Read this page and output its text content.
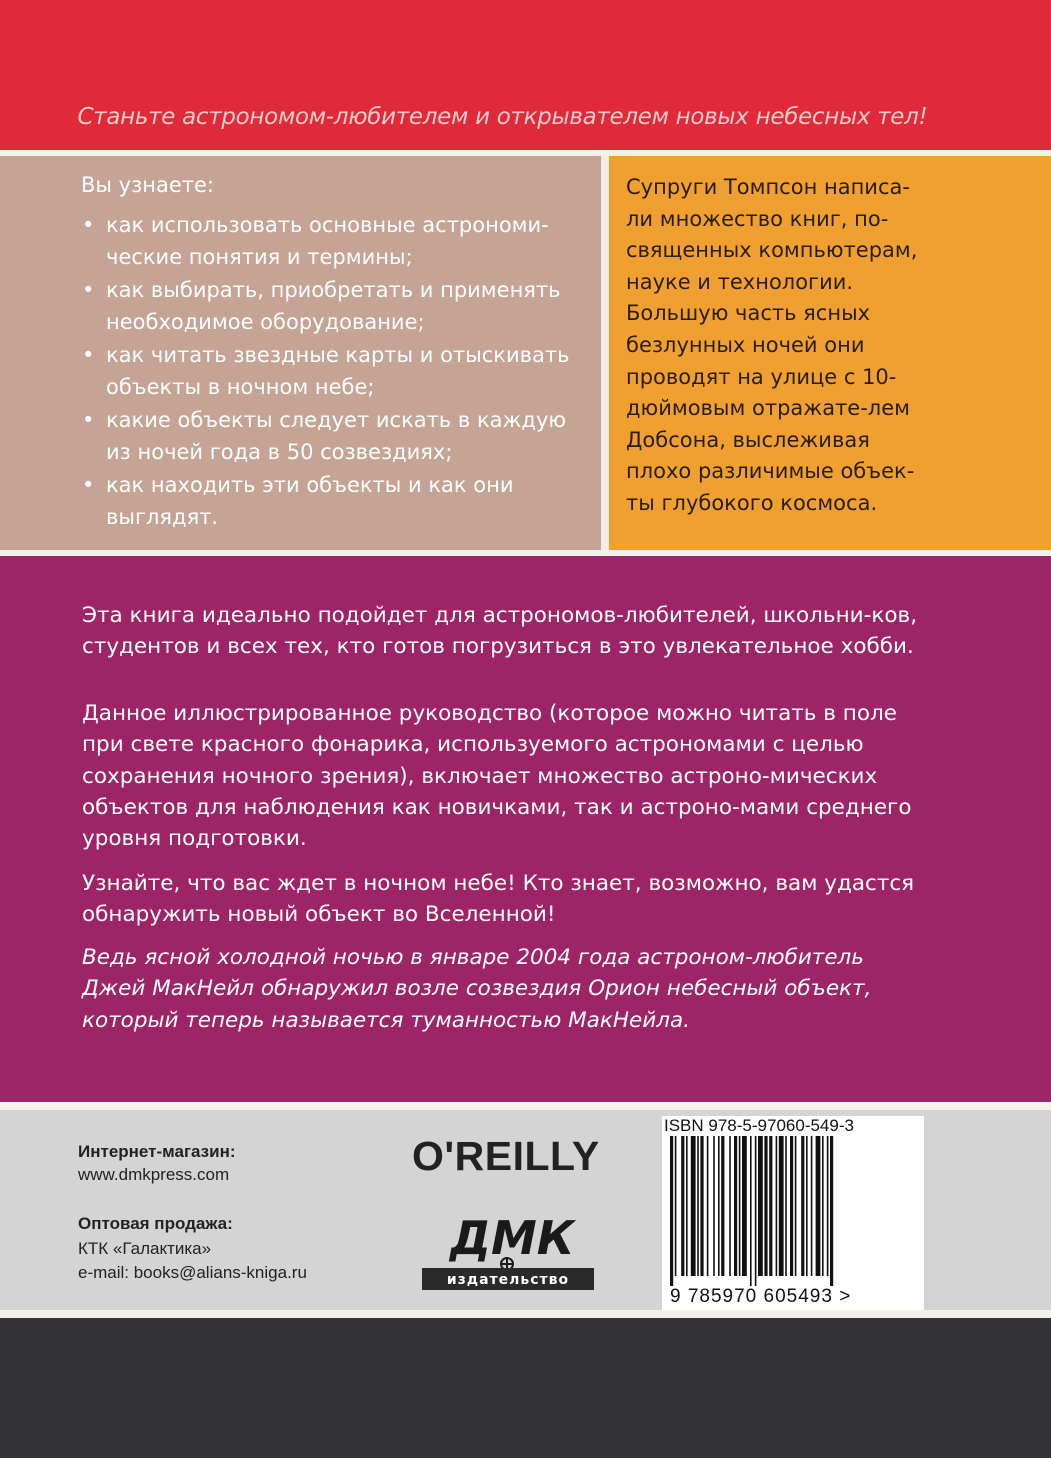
Станьте астрономом-любителем и открывателем новых небесных тел!
Вы узнаете:
• как использовать основные астрономи-ческие понятия и термины;
• как выбирать, приобретать и применять необходимое оборудование;
• как читать звездные карты и отыскивать объекты в ночном небе;
• какие объекты следует искать в каждую из ночей года в 50 созвездиях;
• как находить эти объекты и как они выглядят.
Супруги Томпсон написа-ли множество книг, по-священных компьютерам, науке и технологии. Большую часть ясных безлунных ночей они проводят на улице с 10-дюймовым отражате-лем Добсона, выслеживая плохо различимые объек-ты глубокого космоса.
Эта книга идеально подойдет для астрономов-любителей, школьни-ков, студентов и всех тех, кто готов погрузиться в это увлекательное хобби.
Данное иллюстрированное руководство (которое можно читать в поле при свете красного фонарика, используемого астрономами с целью сохранения ночного зрения), включает множество астроно-мических объектов для наблюдения как новичками, так и астроно-мами среднего уровня подготовки.
Узнайте, что вас ждет в ночном небе! Кто знает, возможно, вам удастся обнаружить новый объект во Вселенной!
Ведь ясной холодной ночью в январе 2004 года астроном-любитель Джей МакНейл обнаружил возле созвездия Орион небесный объект, который теперь называется туманностью МакНейла.
Интернет-магазин:
www.dmkpress.com
Оптовая продажа:
КТК «Галактика»
e-mail: books@alians-kniga.ru
O'REILLY
ДМК
издательство
ISBN 978-5-97060-549-3
9 785970 605493 >
